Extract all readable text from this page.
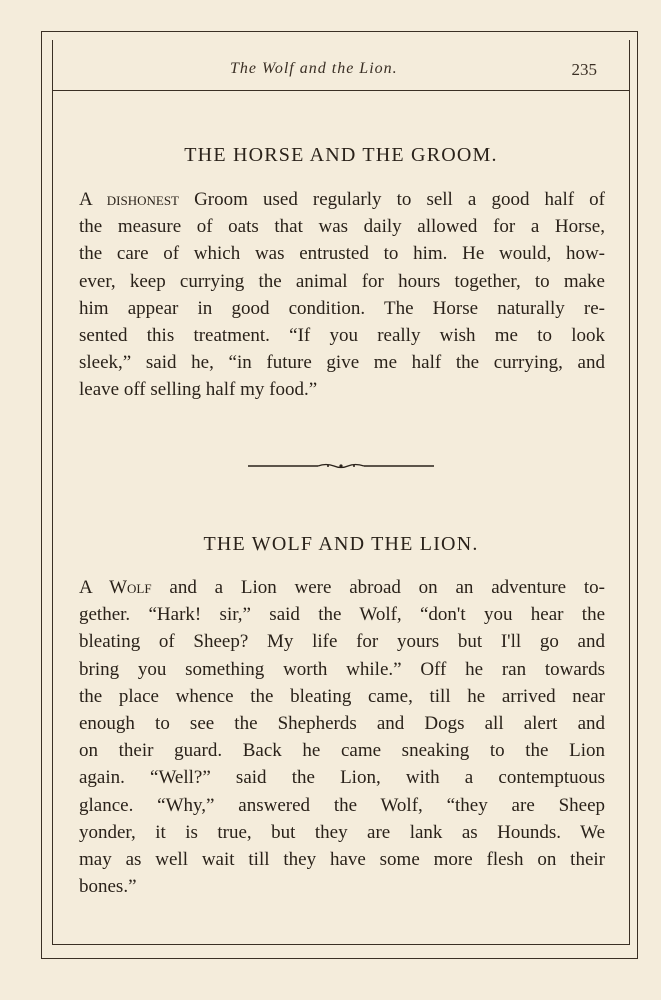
The Wolf and the Lion.	235
THE HORSE AND THE GROOM.
A dishonest Groom used regularly to sell a good half of
the measure of oats that was daily allowed for a Horse,
the care of which was entrusted to him. He would, how-
ever, keep currying the animal for hours together, to make
him appear in good condition. The Horse naturally re-
sented this treatment. “If you really wish me to look
sleek,” said he, “in future give me half the currying, and
leave off selling half my food.”
THE WOLF AND THE LION.
A Wolf and a Lion were abroad on an adventure to-
gether. “Hark! sir,” said the Wolf, “don't you hear the
bleating of Sheep? My life for yours but I'll go and
bring you something worth while.” Off he ran towards
the place whence the bleating came, till he arrived near
enough to see the Shepherds and Dogs all alert and
on their guard. Back he came sneaking to the Lion
again. “Well?” said the Lion, with a contemptuous
glance. “Why,” answered the Wolf, “they are Sheep
yonder, it is true, but they are lank as Hounds. We
may as well wait till they have some more flesh on their
bones.”
